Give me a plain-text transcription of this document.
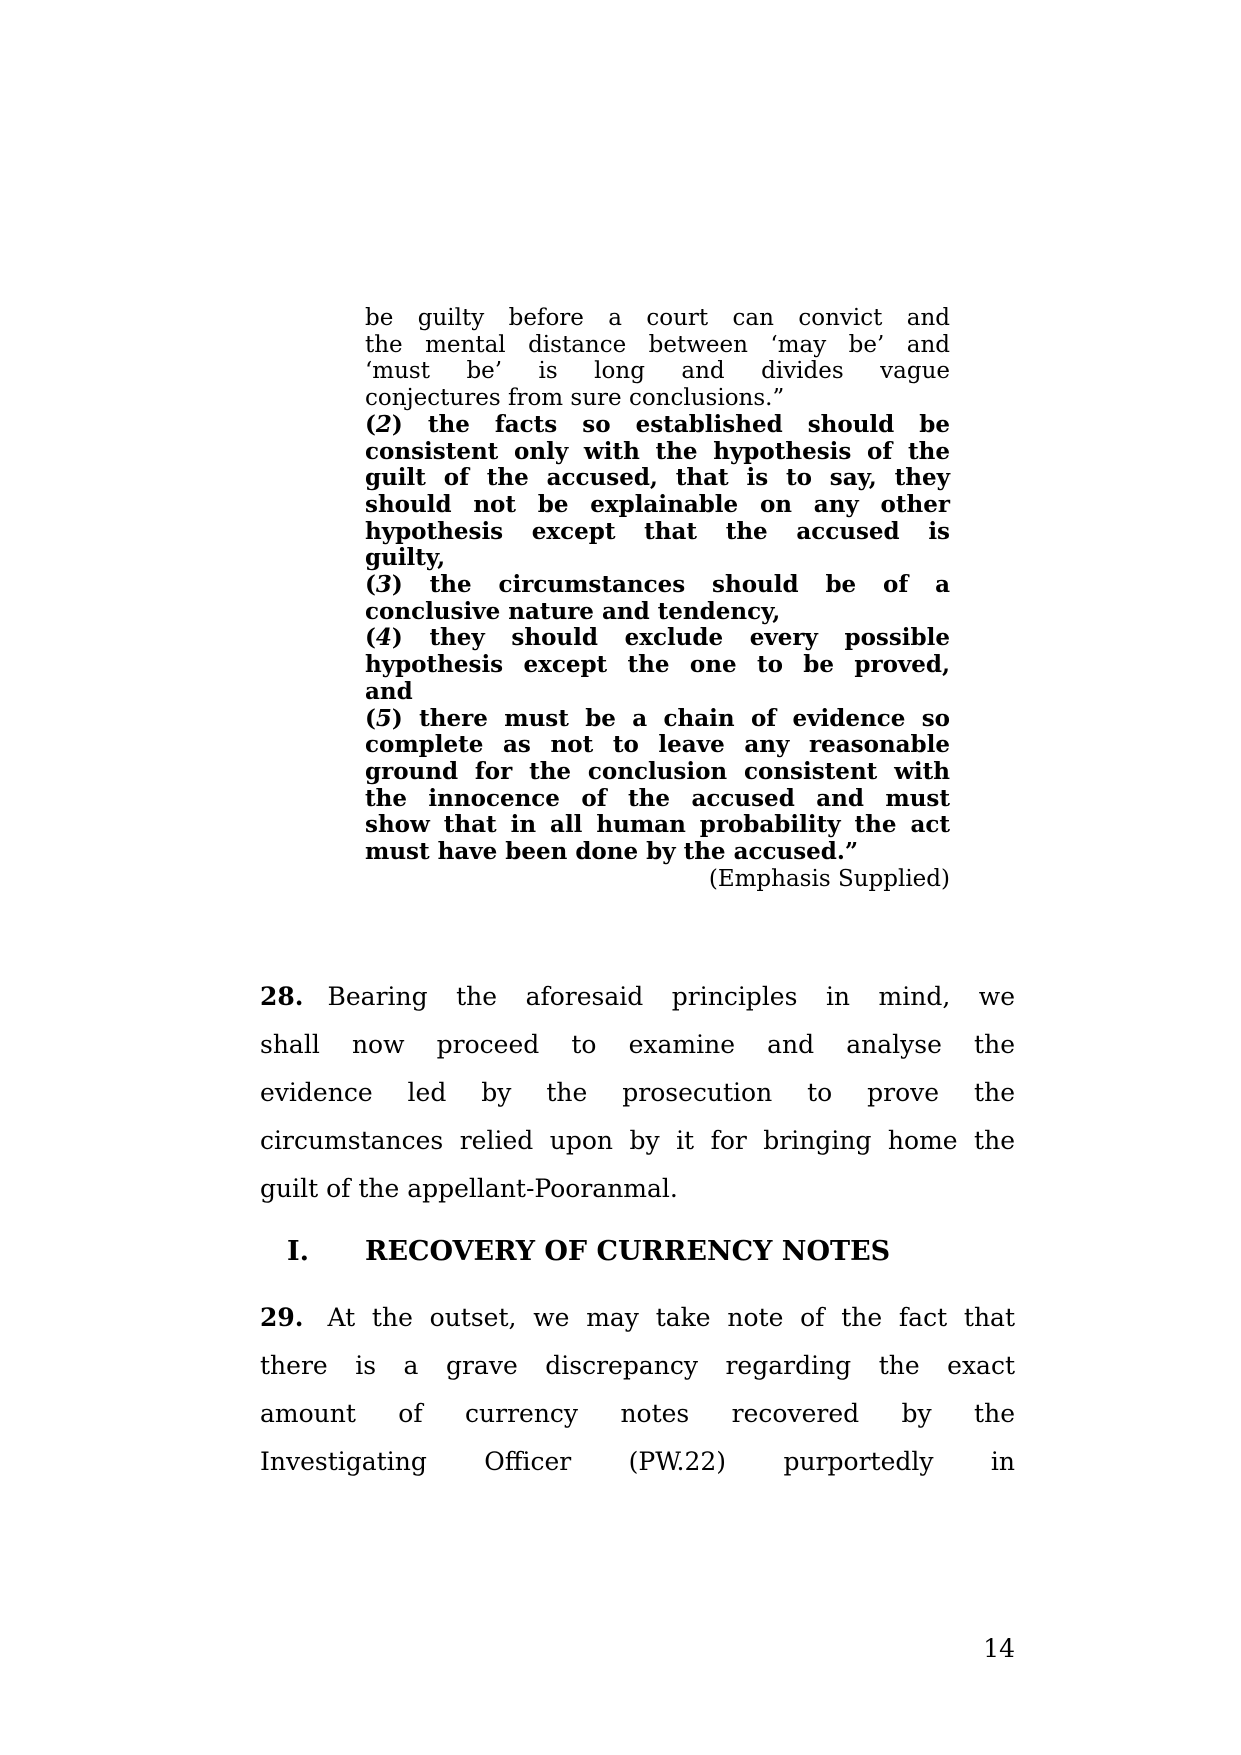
be guilty before a court can convict and
the mental distance between ‘may be’ and
‘must be’ is long and divides vague
conjectures from sure conclusions.”
(2) the facts so established should be
consistent only with the hypothesis of the
guilt of the accused, that is to say, they
should not be explainable on any other
hypothesis except that the accused is
guilty,
(3) the circumstances should be of a
conclusive nature and tendency,
(4) they should exclude every possible
hypothesis except the one to be proved,
and
(5) there must be a chain of evidence so
complete as not to leave any reasonable
ground for the conclusion consistent with
the innocence of the accused and must
show that in all human probability the act
must have been done by the accused.”
(Emphasis Supplied)
28. Bearing the aforesaid principles in mind, we
shall now proceed to examine and analyse the
evidence led by the prosecution to prove the
circumstances relied upon by it for bringing home the
guilt of the appellant-Pooranmal.
I. RECOVERY OF CURRENCY NOTES
29. At the outset, we may take note of the fact that
there is a grave discrepancy regarding the exact
amount of currency notes recovered by the
Investigating Officer (PW.22) purportedly in
14
